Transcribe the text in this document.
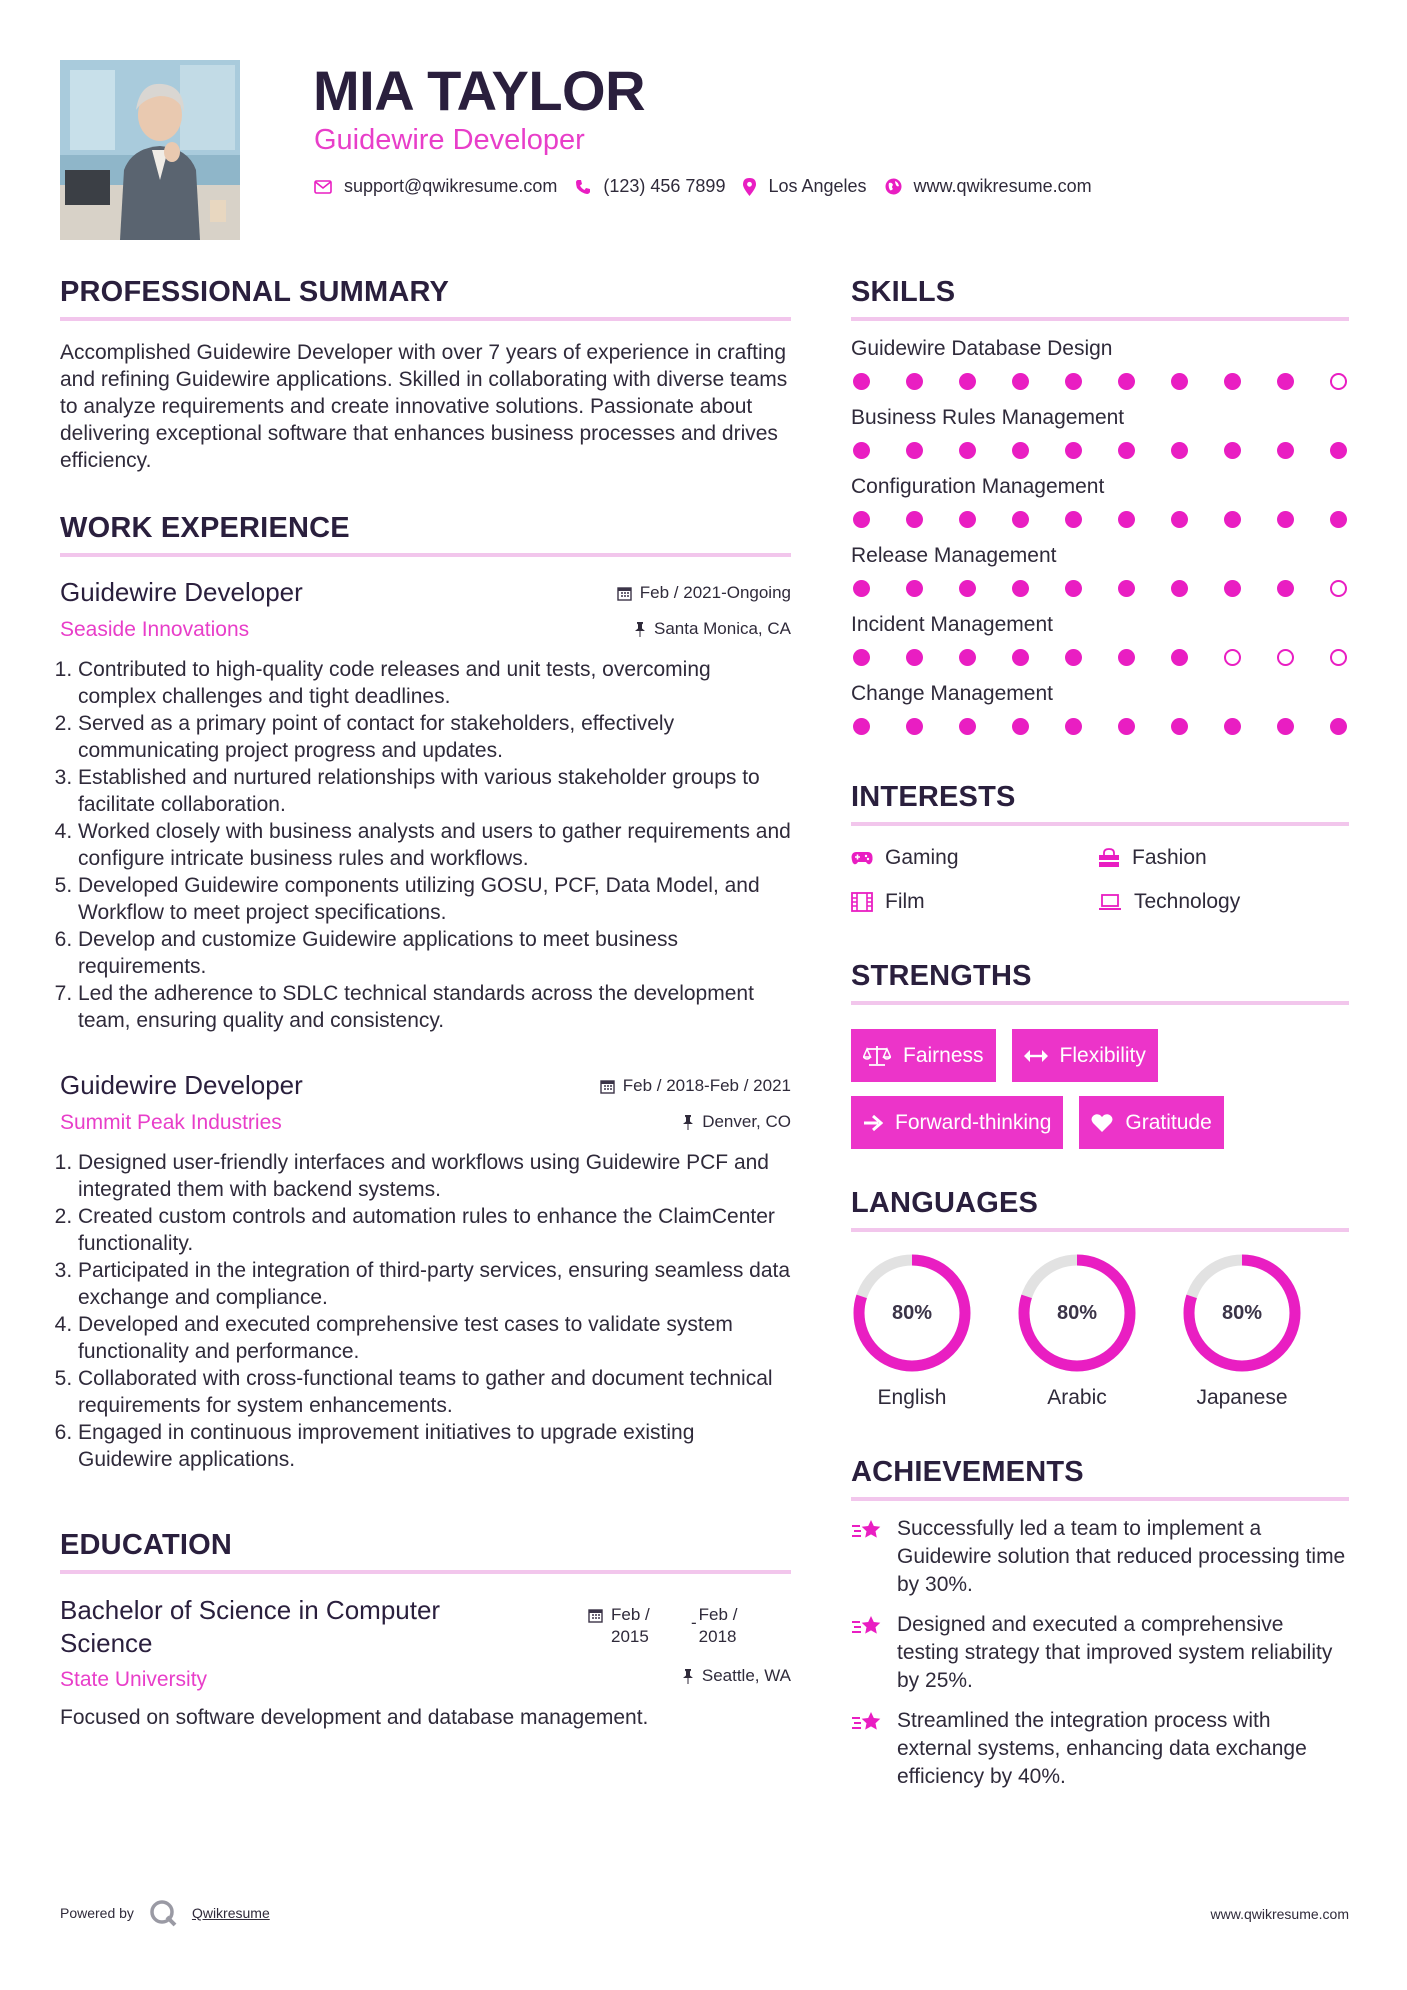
MIA TAYLOR
Guidewire Developer
support@qwikresume.com	(123) 456 7899 Los Angeles	www.qwikresume.com
PROFESSIONAL SUMMARY

Accomplished Guidewire Developer with over 7 years of experience in crafting and refining Guidewire applications. Skilled in collaborating with diverse teams to analyze requirements and create innovative solutions. Passionate about delivering exceptional software that enhances business processes and drives efficiency.

WORK EXPERIENCE
Guidewire Developer	Feb / 2021-Ongoing
Seaside Innovations	Santa Monica, CA
1. Contributed to high-quality code releases and unit tests, overcoming complex challenges and tight deadlines.
2. Served as a primary point of contact for stakeholders, effectively communicating project progress and updates.
3. Established and nurtured relationships with various stakeholder groups to facilitate collaboration.
4. Worked closely with business analysts and users to gather requirements and configure intricate business rules and workflows.
5. Developed Guidewire components utilizing GOSU, PCF, Data Model, and Workflow to meet project specifications.
6. Develop and customize Guidewire applications to meet business requirements.
7. Led the adherence to SDLC technical standards across the development team, ensuring quality and consistency.
Guidewire Developer	Feb / 2018-Feb / 2021
Summit Peak Industries	Denver, CO
1. Designed user-friendly interfaces and workflows using Guidewire PCF and integrated them with backend systems.
2. Created custom controls and automation rules to enhance the ClaimCenter functionality.
3. Participated in the integration of third-party services, ensuring seamless data exchange and compliance.
4. Developed and executed comprehensive test cases to validate system functionality and performance.
5. Collaborated with cross-functional teams to gather and document technical requirements for system enhancements.
6. Engaged in continuous improvement initiatives to upgrade existing Guidewire applications.
EDUCATION
Bachelor of Science in Computer Science
Feb / 2015
- Feb / 2018
State University	Seattle, WA

Focused on software development and database management.

SKILLS
Guidewire Database Design
Business Rules Management
Configuration Management
Release Management
Incident Management
Change Management
INTERESTS
Gaming	Fashion
Film	Technology
STRENGTHS
Fairness	Flexibility
Forward-thinking	Gratitude
LANGUAGES
80%
English
80%
Arabic
80%
Japanese
ACHIEVEMENTS
Successfully led a team to implement a Guidewire solution that reduced processing time by 30%.
Designed and executed a comprehensive testing strategy that improved system reliability by 25%.
Streamlined the integration process with external systems, enhancing data exchange efficiency by 40%.
Powered by	Qwikresume	www.qwikresume.com
